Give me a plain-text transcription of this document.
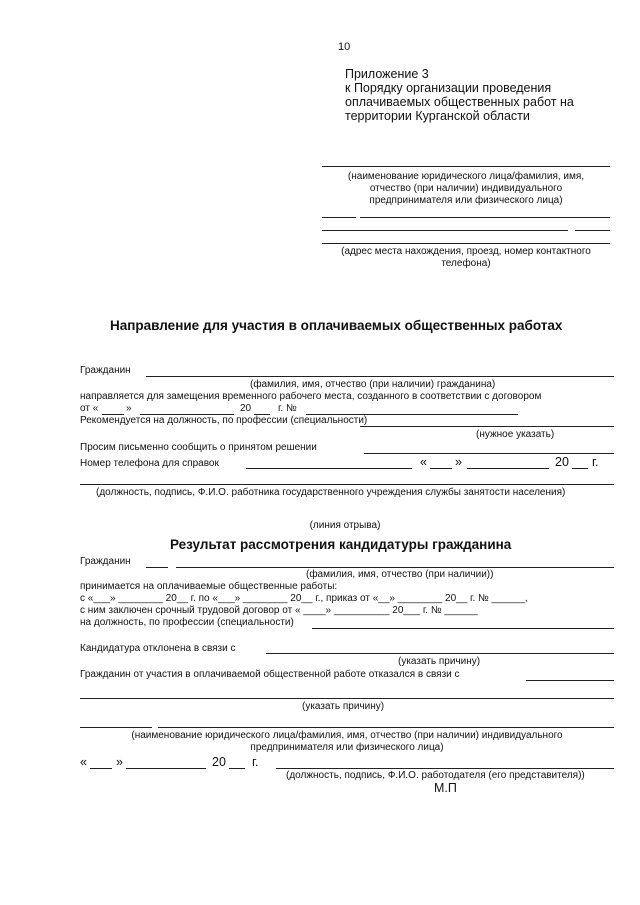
10
Приложение 3
к Порядку организации проведения
оплачиваемых общественных работ на
территории Курганской области
(наименование юридического лица/фамилия, имя,
отчество (при наличии) индивидуального
предпринимателя или физического лица)
(адрес места нахождения, проезд, номер контактного
телефона)
Направление для участия в оплачиваемых общественных работах
Гражданин
(фамилия, имя, отчество (при наличии) гражданина)
направляется для замещения временного рабочего места, созданного в соответствии с договором
от «	»	20	г. №
Рекомендуется на должность, по профессии (специальности)
(нужное указать)
Просим письменно сообщить о принятом решении
Номер телефона для справок	« »	20 г.
(должность, подпись, Ф.И.О. работника государственного учреждения службы занятости населения)
(линия отрыва)
Результат рассмотрения кандидатуры гражданина
Гражданин
(фамилия, имя, отчество (при наличии))
принимается на оплачиваемые общественные работы:
с «___» ________ 20__ г. по «___» ________ 20__ г., приказ от «__» ________ 20__ г. № ______,
с ним заключен срочный трудовой договор от « ____» __________ 20___ г. № ______
на должность, по профессии (специальности)
Кандидатура отклонена в связи с
(указать причину)
Гражданин от участия в оплачиваемой общественной работе отказался в связи с
(указать причину)
(наименование юридического лица/фамилия, имя, отчество (при наличии) индивидуального
предпринимателя или физического лица)
« »	20 г.
(должность, подпись, Ф.И.О. работодателя (его представителя))
М.П
